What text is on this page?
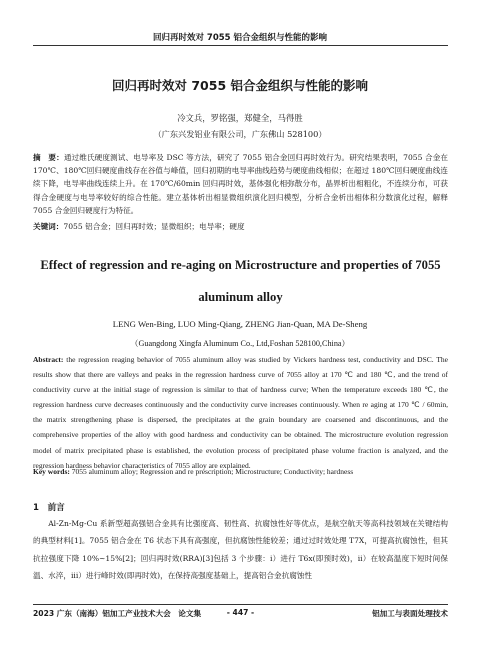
回归再时效对 7055 铝合金组织与性能的影响
回归再时效对 7055 铝合金组织与性能的影响
冷文兵，罗铭强，郑健全，马得胜
（广东兴发铝业有限公司，广东佛山 528100）
摘　要：通过维氏硬度测试、电导率及 DSC 等方法，研究了 7055 铝合金回归再时效行为。研究结果表明，7055 合金在 170℃、180℃回归硬度曲线存在谷值与峰值，回归初期的电导率曲线趋势与硬度曲线相似；在超过 180℃回归硬度曲线连续下降，电导率曲线连续上升。在 170℃/60min 回归再时效，基体强化相弥散分布，晶界析出相粗化，不连续分布，可获得合金硬度与电导率较好的综合性能。建立基体析出相显微组织演化回归模型，分析合金析出相体积分数演化过程，解释 7055 合金回归硬度行为特征。
关键词：7055 铝合金；回归再时效；显微组织；电导率；硬度
Effect of regression and re-aging on Microstructure and properties of 7055 aluminum alloy
LENG Wen-Bing, LUO Ming-Qiang, ZHENG Jian-Quan, MA De-Sheng
（Guangdong Xingfa Aluminum Co., Ltd,Foshan 528100,China）
Abstract: the regression reaging behavior of 7055 aluminum alloy was studied by Vickers hardness test, conductivity and DSC. The results show that there are valleys and peaks in the regression hardness curve of 7055 alloy at 170 ℃ and 180 ℃, and the trend of conductivity curve at the initial stage of regression is similar to that of hardness curve; When the temperature exceeds 180 ℃, the regression hardness curve decreases continuously and the conductivity curve increases continuously. When re aging at 170 ℃ / 60min, the matrix strengthening phase is dispersed, the precipitates at the grain boundary are coarsened and discontinuous, and the comprehensive properties of the alloy with good hardness and conductivity can be obtained. The microstructure evolution regression model of matrix precipitated phase is established, the evolution process of precipitated phase volume fraction is analyzed, and the regression hardness behavior characteristics of 7055 alloy are explained.
Key words: 7055 aluminum alloy; Regression and re prescription; Microstructure; Conductivity; hardness
1　前言
Al-Zn-Mg-Cu 系新型超高强铝合金具有比强度高、韧性高、抗腐蚀性好等优点，是航空航天等高科技领域在关键结构的典型材料[1]。7055 铝合金在 T6 状态下具有高强度，但抗腐蚀性能较差；通过过时效处理 T7X，可提高抗腐蚀性，但其抗拉强度下降 10%~15%[2]；回归再时效(RRA)[3]包括 3 个步骤：i）进行 T6x(即预时效)，ii）在较高温度下短时间保温、水淬，iii）进行峰时效(即再时效)，在保持高强度基础上，提高铝合金抗腐蚀性
2023 广东（南海）铝加工产业技术大会　论文集	- 447 -	铝加工与表面处理技术
